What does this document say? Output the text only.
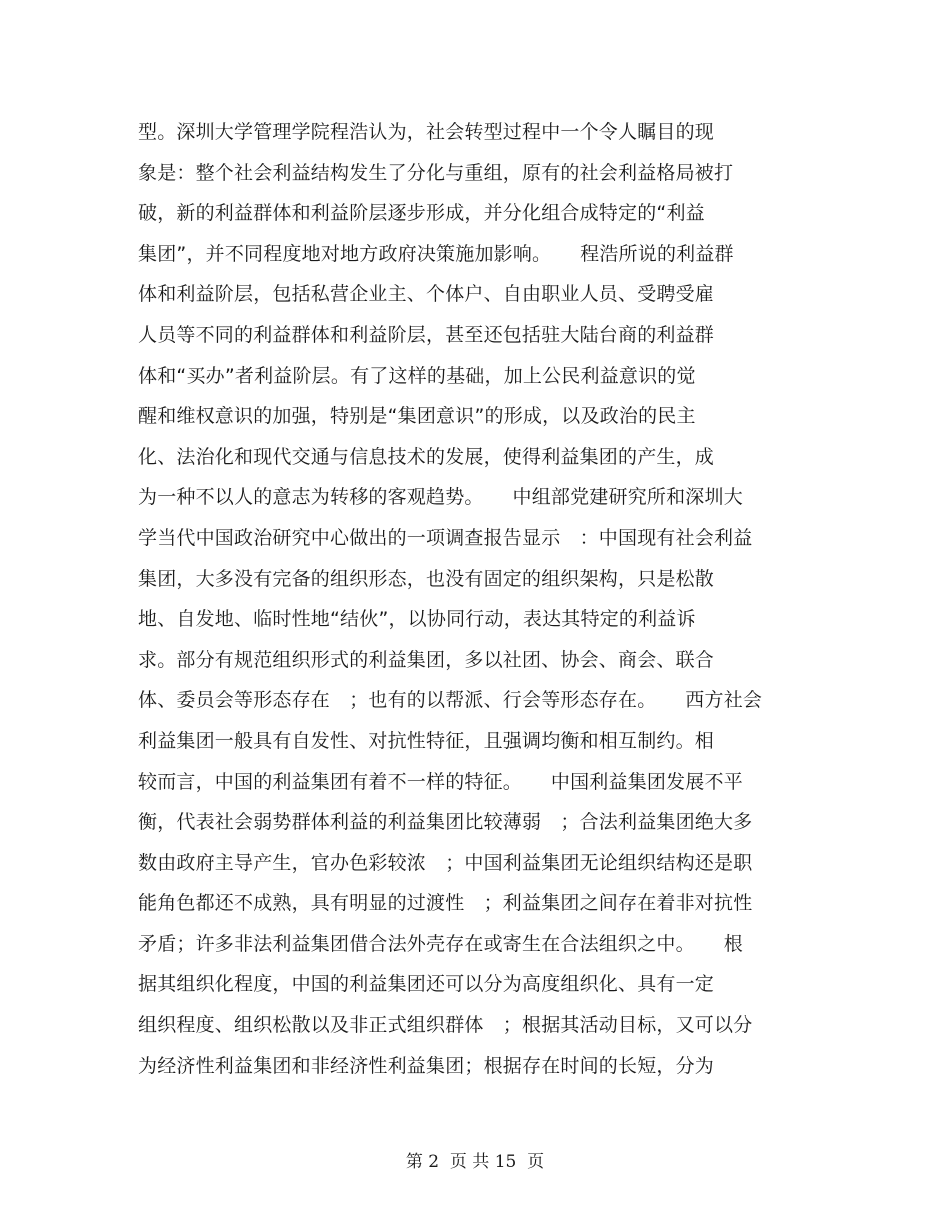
型。深圳大学管理学院程浩认为，社会转型过程中一个令人瞩目的现
象是：整个社会利益结构发生了分化与重组，原有的社会利益格局被打
破，新的利益群体和利益阶层逐步形成，并分化组合成特定的“利益
集团”，并不同程度地对地方政府决策施加影响。　　程浩所说的利益群
体和利益阶层，包括私营企业主、个体户、自由职业人员、受聘受雇
人员等不同的利益群体和利益阶层，甚至还包括驻大陆台商的利益群
体和“买办”者利益阶层。有了这样的基础，加上公民利益意识的觉
醒和维权意识的加强，特别是“集团意识”的形成，以及政治的民主
化、法治化和现代交通与信息技术的发展，使得利益集团的产生，成
为一种不以人的意志为转移的客观趋势。　　中组部党建研究所和深圳大
学当代中国政治研究中心做出的一项调查报告显示　：中国现有社会利益
集团，大多没有完备的组织形态，也没有固定的组织架构，只是松散
地、自发地、临时性地“结伙”，以协同行动，表达其特定的利益诉
求。部分有规范组织形式的利益集团，多以社团、协会、商会、联合
体、委员会等形态存在　；也有的以帮派、行会等形态存在。　　西方社会
利益集团一般具有自发性、对抗性特征，且强调均衡和相互制约。相
较而言，中国的利益集团有着不一样的特征。　　中国利益集团发展不平
衡，代表社会弱势群体利益的利益集团比较薄弱　；合法利益集团绝大多
数由政府主导产生，官办色彩较浓　；中国利益集团无论组织结构还是职
能角色都还不成熟，具有明显的过渡性　；利益集团之间存在着非对抗性
矛盾；许多非法利益集团借合法外壳存在或寄生在合法组织之中。　　根
据其组织化程度，中国的利益集团还可以分为高度组织化、具有一定
组织程度、组织松散以及非正式组织群体　；根据其活动目标，又可以分
为经济性利益集团和非经济性利益集团；根据存在时间的长短，分为
第 2  页 共 15  页
